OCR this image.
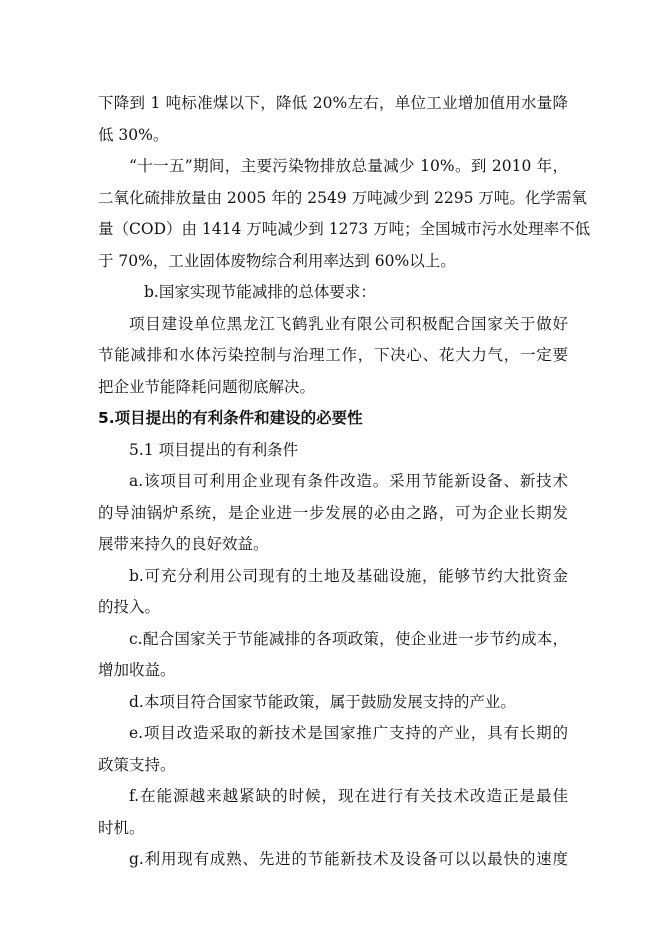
下降到 1 吨标准煤以下，降低 20%左右，单位工业增加值用水量降
低 30%。

“十一五”期间，主要污染物排放总量减少 10%。到 2010 年，
二氧化硫排放量由 2005 年的 2549 万吨减少到 2295 万吨。化学需氧
量（COD）由 1414 万吨减少到 1273 万吨；全国城市污水处理率不低
于 70%，工业固体废物综合利用率达到 60%以上。

b.国家实现节能减排的总体要求：

项目建设单位黑龙江飞鹤乳业有限公司积极配合国家关于做好
节能减排和水体污染控制与治理工作，下决心、花大力气，一定要
把企业节能降耗问题彻底解决。

5.项目提出的有利条件和建设的必要性

5.1 项目提出的有利条件

a.该项目可利用企业现有条件改造。采用节能新设备、新技术
的导油锅炉系统，是企业进一步发展的必由之路，可为企业长期发
展带来持久的良好效益。

b.可充分利用公司现有的土地及基础设施，能够节约大批资金
的投入。

c.配合国家关于节能减排的各项政策，使企业进一步节约成本，
增加收益。

d.本项目符合国家节能政策，属于鼓励发展支持的产业。

e.项目改造采取的新技术是国家推广支持的产业，具有长期的
政策支持。

f.在能源越来越紧缺的时候，现在进行有关技术改造正是最佳
时机。

g.利用现有成熟、先进的节能新技术及设备可以以最快的速度
